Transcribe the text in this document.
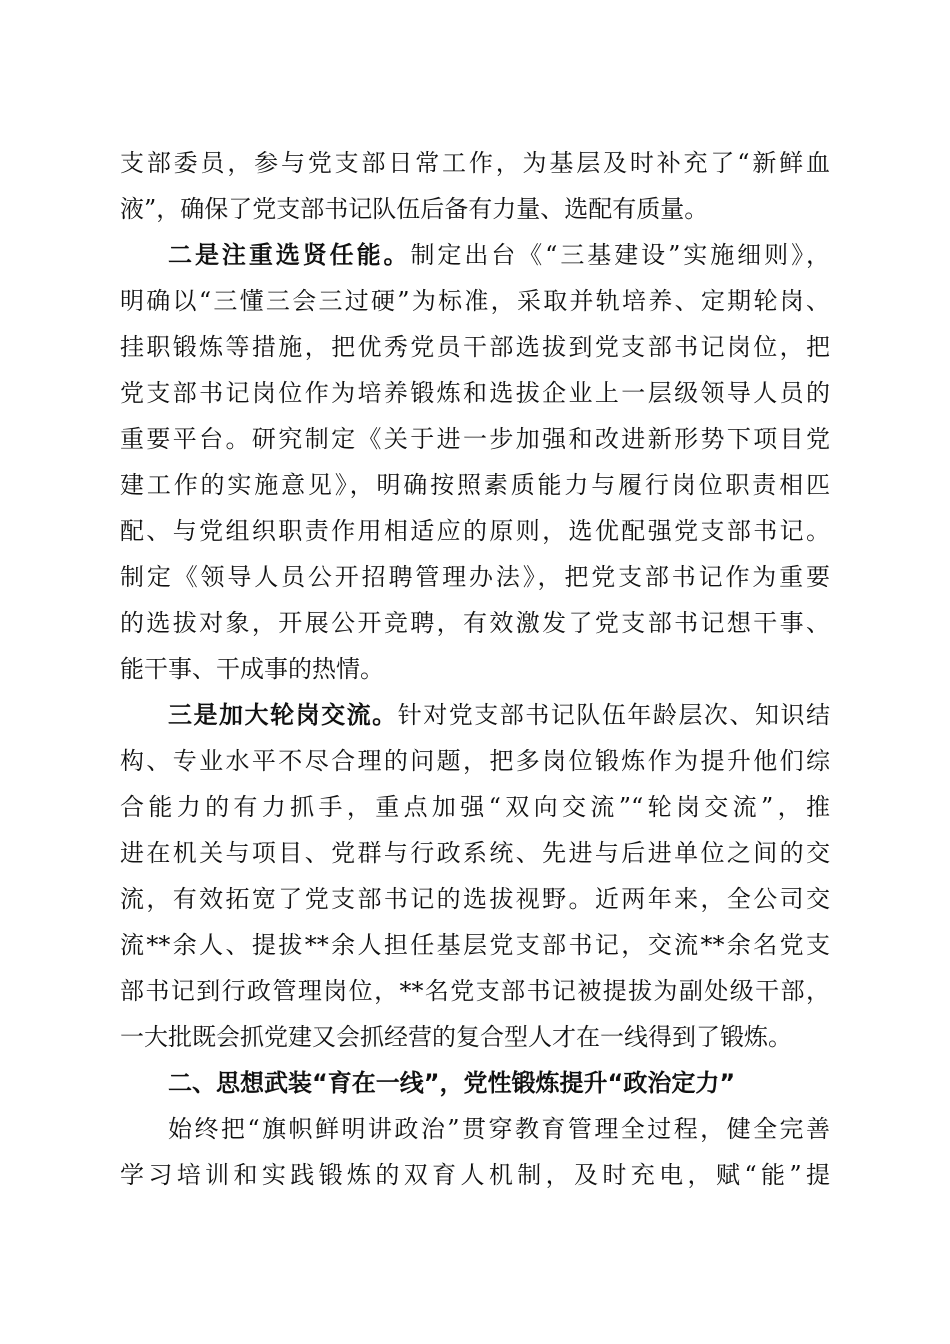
支部委员，参与党支部日常工作，为基层及时补充了“新鲜血
液”，确保了党支部书记队伍后备有力量、选配有质量。
二是注重选贤任能。制定出台《“三基建设”实施细则》，
明确以“三懂三会三过硬”为标准，采取并轨培养、定期轮岗、
挂职锻炼等措施，把优秀党员干部选拔到党支部书记岗位，把
党支部书记岗位作为培养锻炼和选拔企业上一层级领导人员的
重要平台。研究制定《关于进一步加强和改进新形势下项目党
建工作的实施意见》，明确按照素质能力与履行岗位职责相匹
配、与党组织职责作用相适应的原则，选优配强党支部书记。
制定《领导人员公开招聘管理办法》，把党支部书记作为重要
的选拔对象，开展公开竞聘，有效激发了党支部书记想干事、
能干事、干成事的热情。
三是加大轮岗交流。针对党支部书记队伍年龄层次、知识结
构、专业水平不尽合理的问题，把多岗位锻炼作为提升他们综
合能力的有力抓手，重点加强“双向交流”“轮岗交流”，推
进在机关与项目、党群与行政系统、先进与后进单位之间的交
流，有效拓宽了党支部书记的选拔视野。近两年来，全公司交
流**余人、提拔**余人担任基层党支部书记，交流**余名党支
部书记到行政管理岗位，**名党支部书记被提拔为副处级干部，
一大批既会抓党建又会抓经营的复合型人才在一线得到了锻炼。
二、思想武装“育在一线”，党性锻炼提升“政治定力”
始终把“旗帜鲜明讲政治”贯穿教育管理全过程，健全完善
学习培训和实践锻炼的双育人机制，及时充电，赋“能”提
